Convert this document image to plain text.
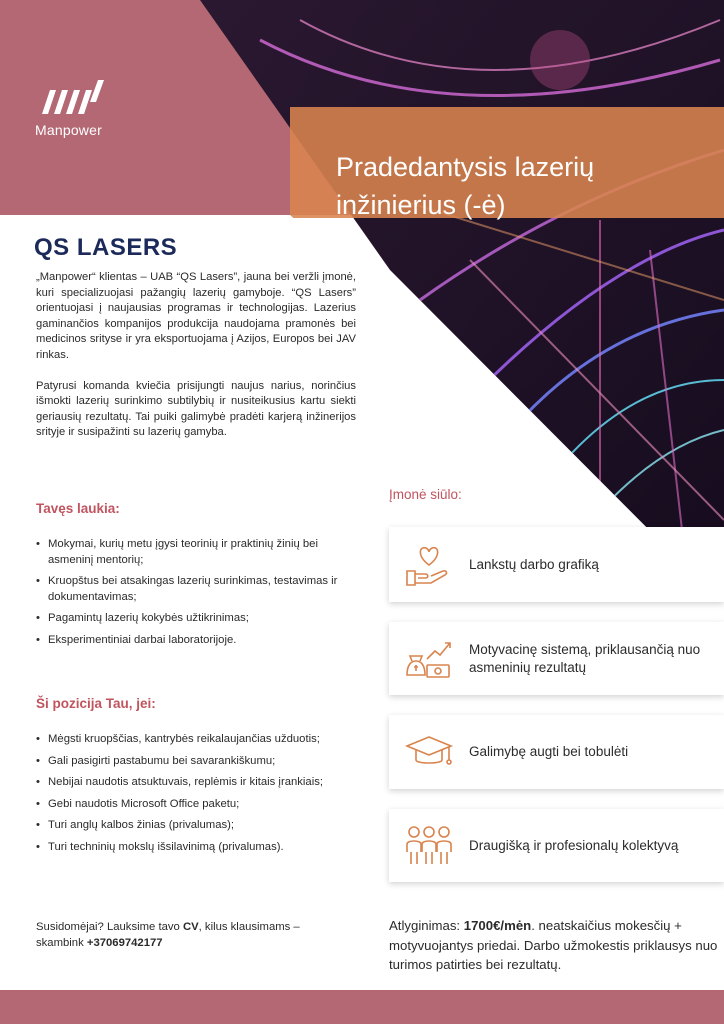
Manpower
Pradedantysis lazerių
inžinierius (-ė)
QS LASERS

„Manpower“ klientas – UAB “QS Lasers”, jauna bei veržli įmonė, kuri specializuojasi pažangių lazerių gamyboje. “QS Lasers” orientuojasi į naujausias programas ir technologijas. Lazerius gaminančios kompanijos produkcija naudojama pramonės bei medicinos srityse ir yra eksportuojama į Azijos, Europos bei JAV rinkas.

Patyrusi komanda kviečia prisijungti naujus narius, norinčius išmokti lazerių surinkimo subtilybių ir nusiteikusius kartu siekti geriausių rezultatų. Tai puiki galimybė pradėti karjerą inžinerijos srityje ir susipažinti su lazerių gamyba.

Tavęs laukia:
• Mokymai, kurių metu įgysi teorinių ir praktinių žinių bei asmeninį mentorių;
• Kruopštus bei atsakingas lazerių surinkimas, testavimas ir dokumentavimas;
• Pagamintų lazerių kokybės užtikrinimas;
• Eksperimentiniai darbai laboratorijoje.
Ši pozicija Tau, jei:
• Mėgsti kruopščias, kantrybės reikalaujančias užduotis;
• Gali pasigirti pastabumu bei savarankiškumu;
• Nebijai naudotis atsuktuvais, replėmis ir kitais įrankiais;
• Gebi naudotis Microsoft Office paketu;
• Turi anglų kalbos žinias (privalumas);
• Turi techninių mokslų išsilavinimą (privalumas).
Įmonė siūlo:
Lankstų darbo grafiką
Motyvacinę sistemą, priklausančią nuo asmeninių rezultatų
Galimybę augti bei tobulėti
Draugišką ir profesionalų kolektyvą
Susidomėjai? Lauksime tavo CV, kilus klausimams – skambink +37069742177
Atlyginimas: 1700€/mėn. neatskaičius mokesčių + motyvuojantys priedai. Darbo užmokestis priklausys nuo turimos patirties bei rezultatų.
